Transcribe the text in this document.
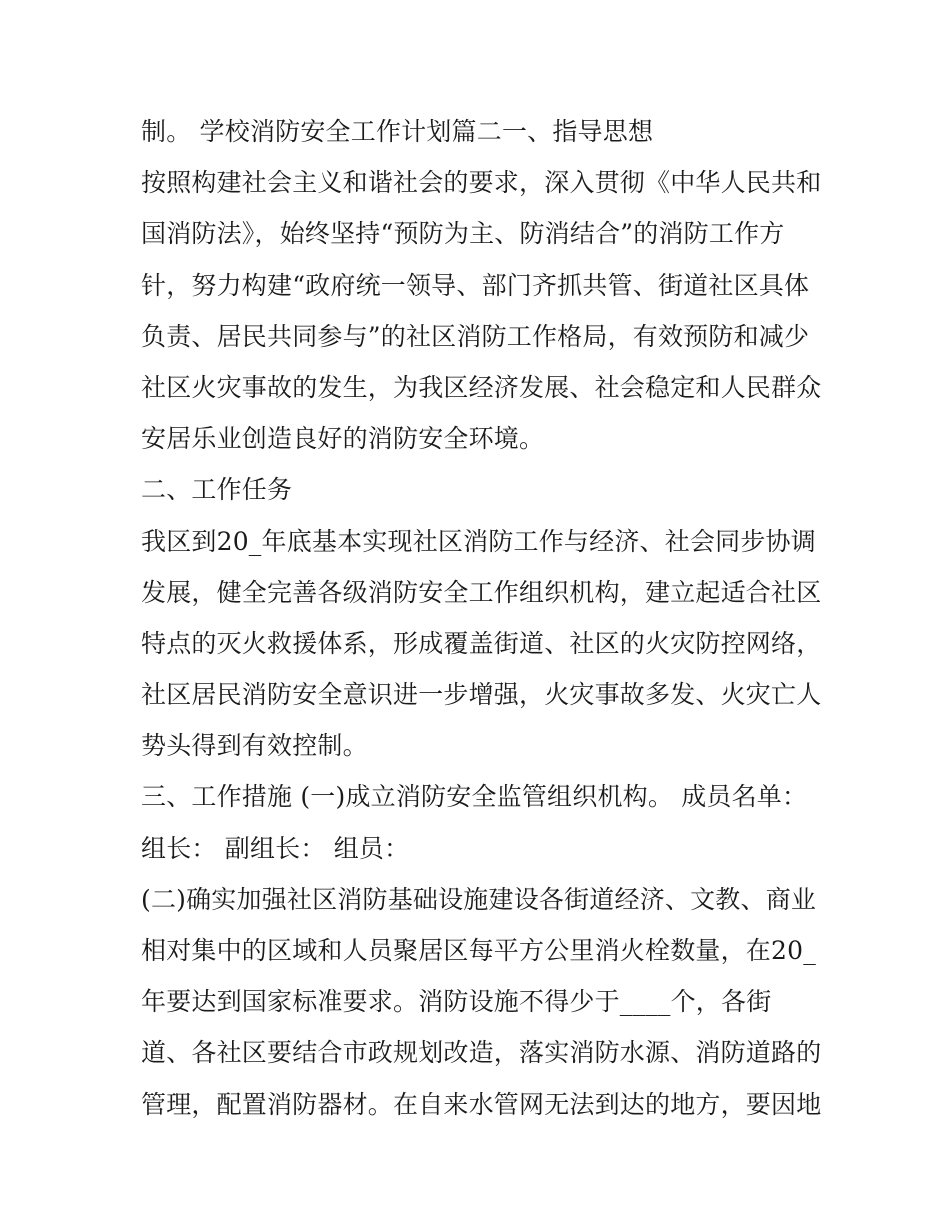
制。 学校消防安全工作计划篇二一、指导思想
按照构建社会主义和谐社会的要求，深入贯彻《中华人民共和
国消防法》，始终坚持“预防为主、防消结合”的消防工作方
针，努力构建“政府统一领导、部门齐抓共管、街道社区具体
负责、居民共同参与”的社区消防工作格局，有效预防和减少
社区火灾事故的发生，为我区经济发展、社会稳定和人民群众
安居乐业创造良好的消防安全环境。
二、工作任务
我区到20_年底基本实现社区消防工作与经济、社会同步协调
发展，健全完善各级消防安全工作组织机构，建立起适合社区
特点的灭火救援体系，形成覆盖街道、社区的火灾防控网络，
社区居民消防安全意识进一步增强，火灾事故多发、火灾亡人
势头得到有效控制。
三、工作措施 (一)成立消防安全监管组织机构。 成员名单：
组长： 副组长： 组员：
(二)确实加强社区消防基础设施建设各街道经济、文教、商业
相对集中的区域和人员聚居区每平方公里消火栓数量，在20_
年要达到国家标准要求。消防设施不得少于____个，各街
道、各社区要结合市政规划改造，落实消防水源、消防道路的
管理，配置消防器材。在自来水管网无法到达的地方，要因地
